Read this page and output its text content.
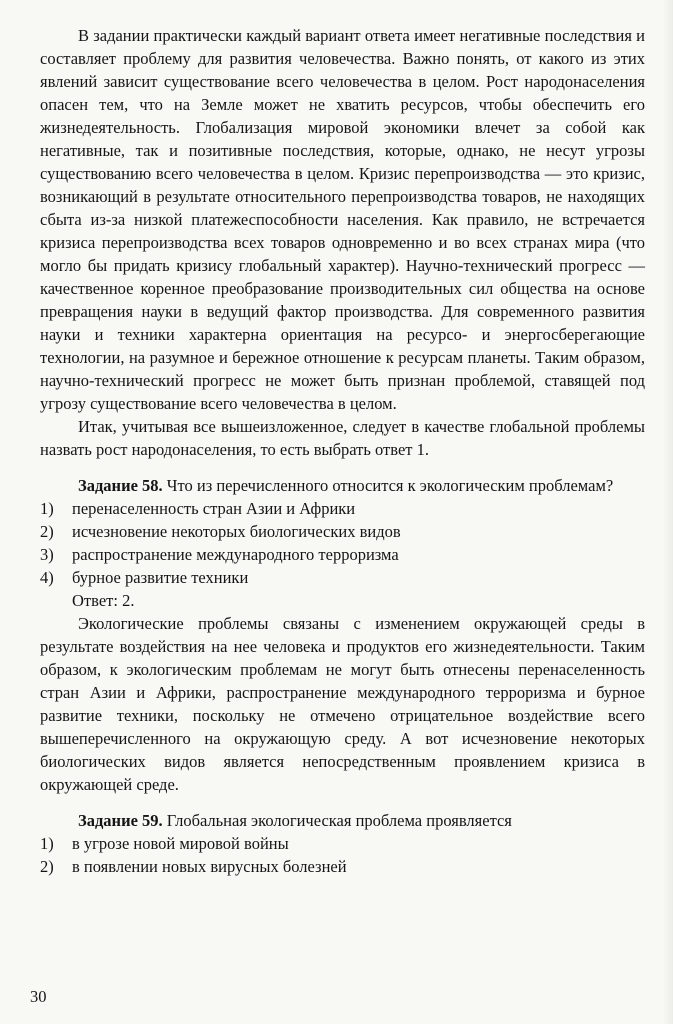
В задании практически каждый вариант ответа имеет негативные последствия и составляет проблему для развития человечества. Важно понять, от какого из этих явлений зависит существование всего человечества в целом. Рост народонаселения опасен тем, что на Земле может не хватить ресурсов, чтобы обеспечить его жизнедеятельность. Глобализация мировой экономики влечет за собой как негативные, так и позитивные последствия, которые, однако, не несут угрозы существованию всего человечества в целом. Кризис перепроизводства — это кризис, возникающий в результате относительного перепроизводства товаров, не находящих сбыта из-за низкой платежеспособности населения. Как правило, не встречается кризиса перепроизводства всех товаров одновременно и во всех странах мира (что могло бы придать кризису глобальный характер). Научно-технический прогресс — качественное коренное преобразование производительных сил общества на основе превращения науки в ведущий фактор производства. Для современного развития науки и техники характерна ориентация на ресурсо- и энергосберегающие технологии, на разумное и бережное отношение к ресурсам планеты. Таким образом, научно-технический прогресс не может быть признан проблемой, ставящей под угрозу существование всего человечества в целом.

Итак, учитывая все вышеизложенное, следует в качестве глобальной проблемы назвать рост народонаселения, то есть выбрать ответ 1.

Задание 58. Что из перечисленного относится к экологическим проблемам?

1)	перенаселенность стран Азии и Африки
2)	исчезновение некоторых биологических видов
3)	распространение международного терроризма
4)	бурное развитие техники

Ответ: 2.

Экологические проблемы связаны с изменением окружающей среды в результате воздействия на нее человека и продуктов его жизнедеятельности. Таким образом, к экологическим проблемам не могут быть отнесены перенаселенность стран Азии и Африки, распространение международного терроризма и бурное развитие техники, поскольку не отмечено отрицательное воздействие всего вышеперечисленного на окружающую среду. А вот исчезновение некоторых биологических видов является непосредственным проявлением кризиса в окружающей среде.

Задание 59. Глобальная экологическая проблема проявляется

1)	в угрозе новой мировой войны
2)	в появлении новых вирусных болезней
30
